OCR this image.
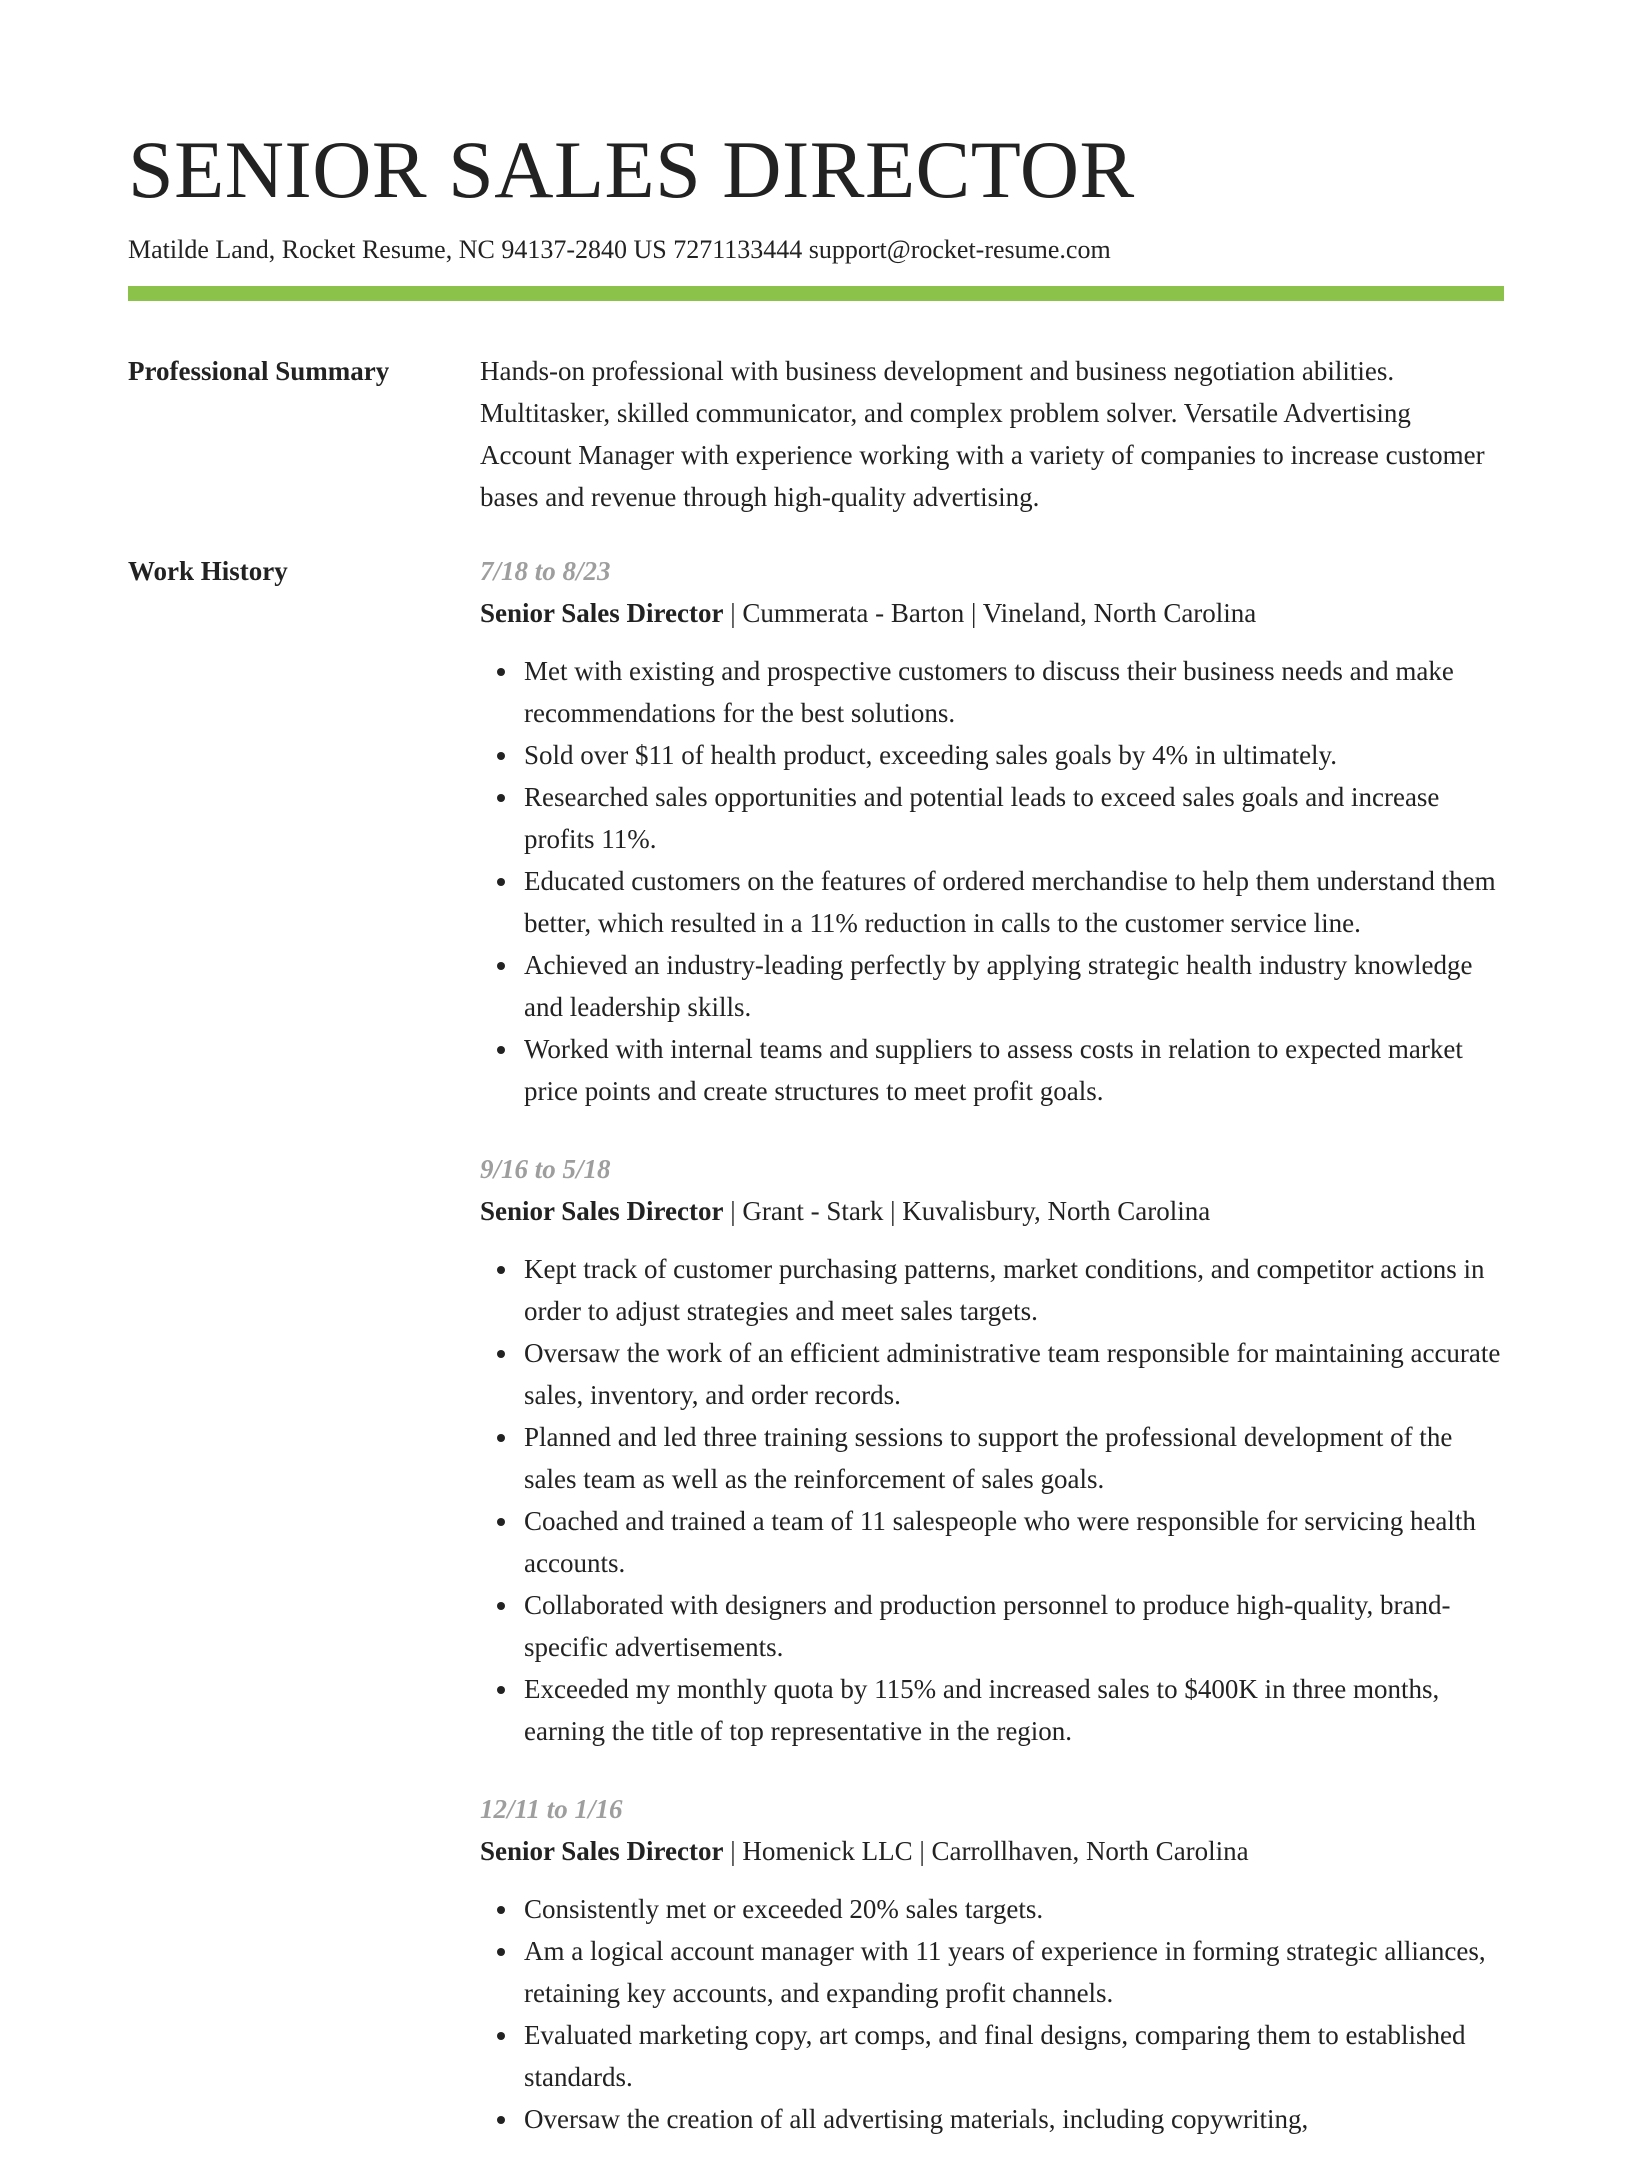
SENIOR SALES DIRECTOR
Matilde Land, Rocket Resume, NC 94137-2840 US 7271133444 support@rocket-resume.com
Professional Summary	Hands-on professional with business development and business negotiation abilities. Multitasker, skilled communicator, and complex problem solver. Versatile Advertising Account Manager with experience working with a variety of companies to increase customer bases and revenue through high-quality advertising.

Work History	7/18 to 8/23
Senior Sales Director | Cummerata - Barton | Vineland, North Carolina
Met with existing and prospective customers to discuss their business needs and make recommendations for the best solutions.
Sold over $11 of health product, exceeding sales goals by 4% in ultimately.
Researched sales opportunities and potential leads to exceed sales goals and increase profits 11%.
Educated customers on the features of ordered merchandise to help them understand them better, which resulted in a 11% reduction in calls to the customer service line.
Achieved an industry-leading perfectly by applying strategic health industry knowledge and leadership skills.
Worked with internal teams and suppliers to assess costs in relation to expected market price points and create structures to meet profit goals.
9/16 to 5/18
Senior Sales Director | Grant - Stark | Kuvalisbury, North Carolina
Kept track of customer purchasing patterns, market conditions, and competitor actions in order to adjust strategies and meet sales targets.
Oversaw the work of an efficient administrative team responsible for maintaining accurate sales, inventory, and order records.
Planned and led three training sessions to support the professional development of the sales team as well as the reinforcement of sales goals.
Coached and trained a team of 11 salespeople who were responsible for servicing health accounts.
Collaborated with designers and production personnel to produce high-quality, brand-specific advertisements.
Exceeded my monthly quota by 115% and increased sales to $400K in three months, earning the title of top representative in the region.
12/11 to 1/16
Senior Sales Director | Homenick LLC | Carrollhaven, North Carolina
Consistently met or exceeded 20% sales targets.
Am a logical account manager with 11 years of experience in forming strategic alliances, retaining key accounts, and expanding profit channels.
Evaluated marketing copy, art comps, and final designs, comparing them to established standards.
Oversaw the creation of all advertising materials, including copywriting,
